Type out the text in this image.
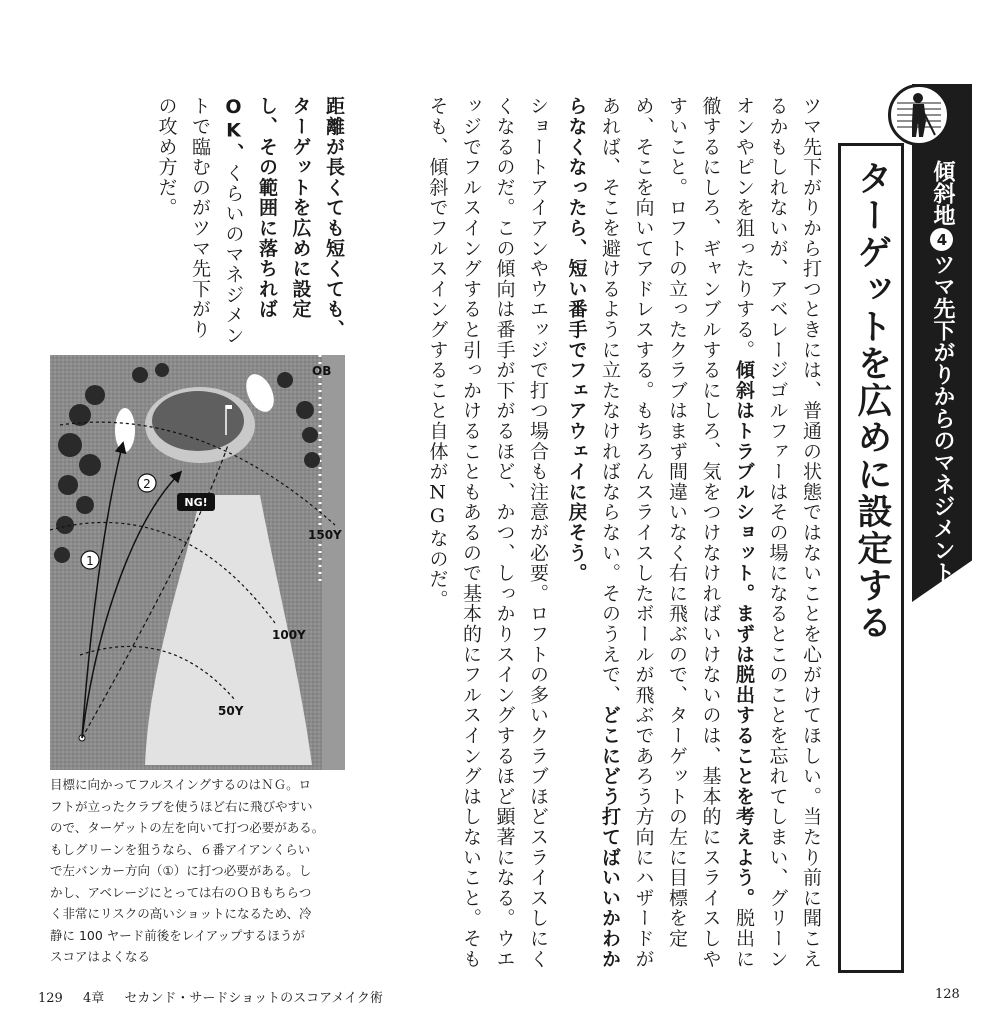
傾斜地4ツマ先下がりからのマネジメント
ターゲットを広めに設定する
ツマ先下がりから打つときには、普通の状態ではないことを心がけてほしい。当たり前に聞こえるかもしれないが、アベレージゴルファーはその場になるとこのことを忘れてしまい、グリーンオンやピンを狙ったりする。傾斜はトラブルショット。まずは脱出することを考えよう。脱出に徹するにしろ、ギャンブルするにしろ、気をつけなければいけないのは、基本的にスライスしやすいこと。ロフトの立ったクラブはまず間違いなく右に飛ぶので、ターゲットの左に目標を定め、そこを向いてアドレスする。もちろんスライスしたボールが飛ぶであろう方向にハザードがあれば、そこを避けるように立たなければならない。そのうえで、どこにどう打てばいいかわからなくなったら、短い番手でフェアウェイに戻そう。
ショートアイアンやウエッジで打つ場合も注意が必要。ロフトの多いクラブほどスライスしにくくなるのだ。この傾向は番手が下がるほど、かつ、しっかりスイングするほど顕著になる。ウエッジでフルスイングすると引っかけることもあるので基本的にフルスイングはしないこと。そもそも、傾斜でフルスイングすること自体がNGなのだ。
距離が長くても短くても、ターゲットを広めに設定し、その範囲に落ちればOK、くらいのマネジメントで臨むのがツマ先下がりの攻め方だ。
1
2
NG!
OB
150Y
100Y
50Y

目標に向かってフルスイングするのはＮＧ。ロ

フトが立ったクラブを使うほど右に飛びやすい

ので、ターゲットの左を向いて打つ必要がある。

もしグリーンを狙うなら、６番アイアンくらい

で左バンカー方向（①）に打つ必要がある。し

かし、アベレージにとっては右のＯＢもちらつ

く非常にリスクの高いショットになるため、冷

静に 100 ヤード前後をレイアップするほうが

スコアはよくなる

129 4章 セカンド・サードショットのスコアメイク術	128
